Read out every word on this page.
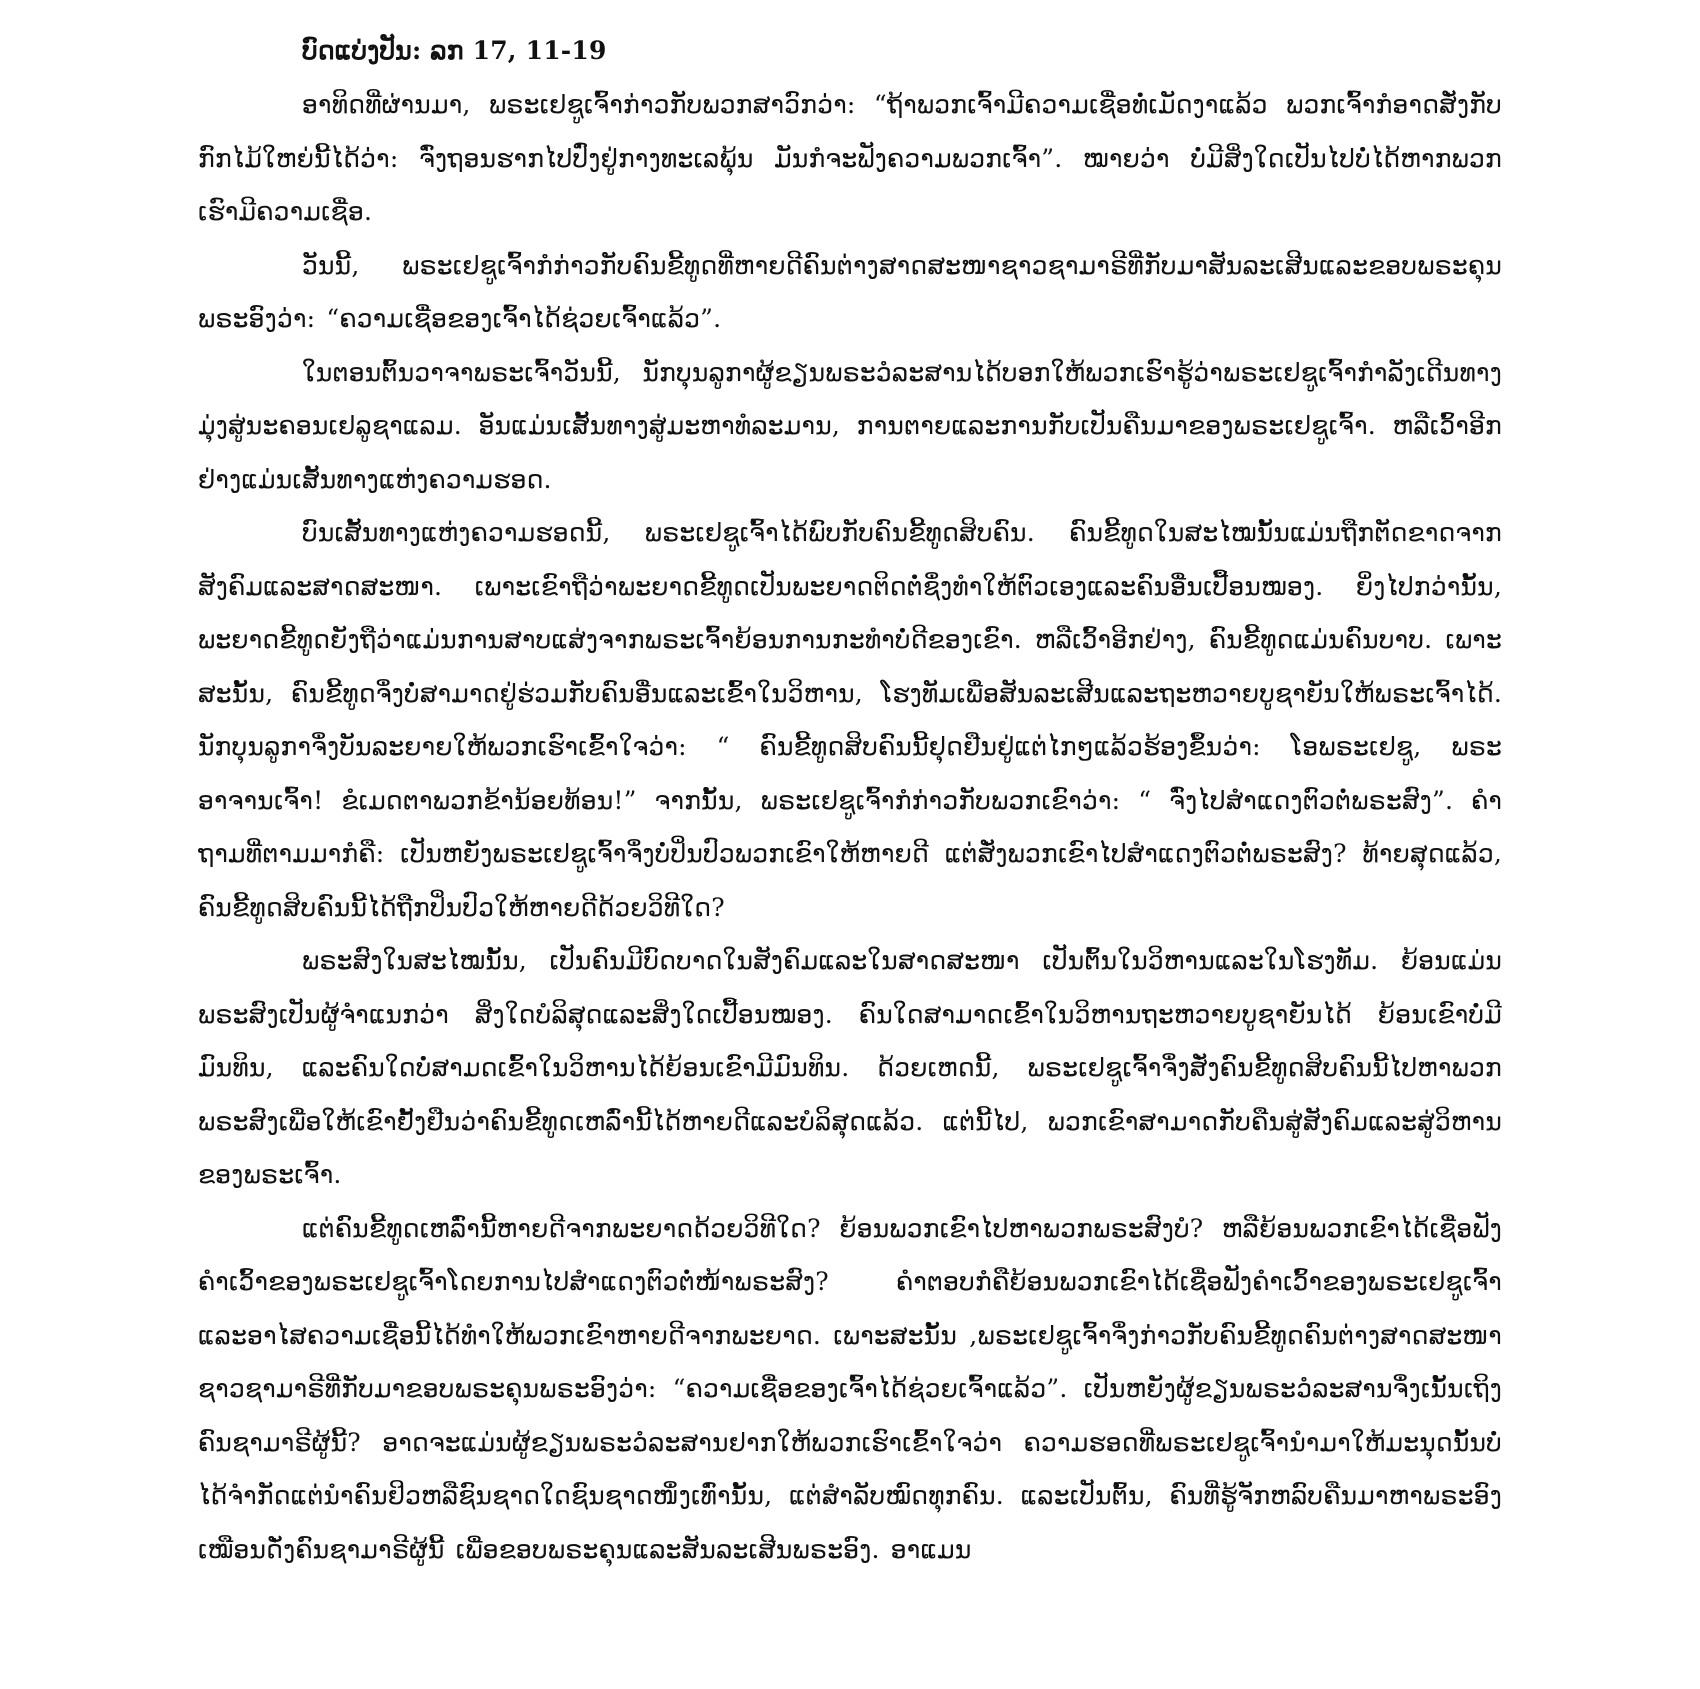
ບົດແບ່ງປັນ: ລກ 17, 11-19

ອາທິດທີ່ຜ່ານມາ, ພຣະເຢຊູເຈົ້າກ່າວກັບພວກສາວົກວ່າ: “ຖ້າພວກເຈົ້າມີຄວາມເຊື່ອທໍ່ເມັດງາແລ້ວ ພວກເຈົ້າກໍອາດສັ່ງກັບກົກໄມ້ໃຫຍ່ນີ້ໄດ້ວ່າ: ຈົ່ງຖອນຮາກໄປປົ່ງຢູ່ກາງທະເລພຸ້ນ ມັນກໍຈະຟັງຄວາມພວກເຈົ້າ”. ໝາຍວ່າ ບໍ່ມີສິ່ງໃດເປັນໄປບໍ່ໄດ້ຫາກພວກເຮົາມີຄວາມເຊື່ອ.

ວັນນີ້, ພຣະເຢຊູເຈົ້າກໍກ່າວກັບຄົນຂີ້ທູດທີ່ຫາຍດີຄົນຕ່າງສາດສະໜາຊາວຊາມາຣີທີ່ກັບມາສັນລະເສີນແລະຂອບພຣະຄຸນພຣະອົງວ່າ: “ຄວາມເຊື່ອຂອງເຈົ້າໄດ້ຊ່ວຍເຈົ້າແລ້ວ”.

ໃນຕອນຕົ້ນວາຈາພຣະເຈົ້າວັນນີ້, ນັກບຸນລູກາຜູ້ຂຽນພຣະວໍລະສານໄດ້ບອກໃຫ້ພວກເຮົາຮູ້ວ່າພຣະເຢຊູເຈົ້າກຳລັງເດີນທາງມຸ່ງສູ່ນະຄອນເຢລູຊາແລມ. ອັນແມ່ນເສັ້ນທາງສູ່ມະຫາທໍລະມານ, ການຕາຍແລະການກັບເປັນຄືນມາຂອງພຣະເຢຊູເຈົ້າ. ຫລືເວົ້າອີກຢ່າງແມ່ນເສັ້ນທາງແຫ່ງຄວາມຮອດ.

ບົນເສັ້ນທາງແຫ່ງຄວາມຮອດນີ້, ພຣະເຢຊູເຈົ້າໄດ້ພົບກັບຄົນຂີ້ທູດສິບຄົນ. ຄົນຂີ້ທູດໃນສະໄໝນັ້ນແມ່ນຖືກຕັດຂາດຈາກສັງຄົມແລະສາດສະໜາ. ເພາະເຂົາຖືວ່າພະຍາດຂີ້ທູດເປັນພະຍາດຕິດຕໍ່ຊຶ່ງທຳໃຫ້ຕົວເອງແລະຄົນອື່ນເປື້ອນໝອງ. ຍິ່ງໄປກວ່ານັ້ນ, ພະຍາດຂີ້ທູດຍັງຖືວ່າແມ່ນການສາບແສ່ງຈາກພຣະເຈົ້າຍ້ອນການກະທຳບໍ່ດີຂອງເຂົາ. ຫລືເວົ້າອີກຢ່າງ, ຄົນຂີ້ທູດແມ່ນຄົນບາບ. ເພາະສະນັ້ນ, ຄົນຂີ້ທູດຈຶ່ງບໍ່ສາມາດຢູ່ຮ່ວມກັບຄົນອື່ນແລະເຂົ້າໃນວິຫານ, ໂຮງທັມເພື່ອສັນລະເສີນແລະຖະຫວາຍບູຊາຍັນໃຫ້ພຣະເຈົ້າໄດ້. ນັກບຸນລູກາຈຶ່ງບັນລະຍາຍໃຫ້ພວກເຮົາເຂົ້າໃຈວ່າ: “ ຄົນຂີ້ທູດສິບຄົນນີ້ຢຸດຢືນຢູ່ແຕ່ໄກໆແລ້ວຮ້ອງຂຶ້ນວ່າ: ໂອພຣະເຢຊູ, ພຣະອາຈານເຈົ້າ! ຂໍເມດຕາພວກຂ້ານ້ອຍທ້ອນ!” ຈາກນັ້ນ, ພຣະເຢຊູເຈົ້າກໍກ່າວກັບພວກເຂົາວ່າ: “ ຈົ່ງໄປສຳແດງຕົວຕໍ່ພຣະສົງ”. ຄຳຖາມທີ່ຕາມມາກໍຄື: ເປັນຫຍັງພຣະເຢຊູເຈົ້າຈຶ່ງບໍ່ປິ່ນປົວພວກເຂົາໃຫ້ຫາຍດີ ແຕ່ສັ່ງພວກເຂົາໄປສຳແດງຕົວຕໍ່ພຣະສົງ? ທ້າຍສຸດແລ້ວ, ຄົນຂີ້ທູດສິບຄົນນີ້ໄດ້ຖືກປິ່ນປົວໃຫ້ຫາຍດີດ້ວຍວິທີໃດ?

ພຣະສົງໃນສະໄໝນັ້ນ, ເປັນຄົນມີບົດບາດໃນສັງຄົມແລະໃນສາດສະໜາ ເປັນຕົ້ນໃນວິຫານແລະໃນໂຮງທັມ. ຍ້ອນແມ່ນພຣະສົງເປັນຜູ້ຈຳແນກວ່າ ສິ່ງໃດບໍລິສຸດແລະສິ່ງໃດເປື້ອນໝອງ. ຄົນໃດສາມາດເຂົ້າໃນວິຫານຖະຫວາຍບູຊາຍັນໄດ້ ຍ້ອນເຂົາບໍ່ມີມົນທິນ, ແລະຄົນໃດບໍ່ສາມດເຂົ້າໃນວິຫານໄດ້ຍ້ອນເຂົາມີມົນທິນ. ດ້ວຍເຫດນີ້, ພຣະເຢຊູເຈົ້າຈຶ່ງສັ່ງຄົນຂີ້ທູດສິບຄົນນີ້ໄປຫາພວກພຣະສົງເພື່ອໃຫ້ເຂົາຢັ້ງຢືນວ່າຄົນຂີ້ທູດເຫລົ່ານີ້ໄດ້ຫາຍດີແລະບໍລິສຸດແລ້ວ. ແຕ່ນີ້ໄປ, ພວກເຂົາສາມາດກັບຄືນສູ່ສັງຄົມແລະສູ່ວິຫານຂອງພຣະເຈົ້າ.

ແຕ່ຄົນຂີ້ທູດເຫລົ່ານີ້ຫາຍດີຈາກພະຍາດດ້ວຍວິທີໃດ? ຍ້ອນພວກເຂົາໄປຫາພວກພຣະສົງບໍ? ຫລືຍ້ອນພວກເຂົາໄດ້ເຊື່ອຟັງຄຳເວົ້າຂອງພຣະເຢຊູເຈົ້າໂດຍການໄປສຳແດງຕົວຕໍ່ໜ້າພຣະສົງ? ຄຳຕອບກໍຄືຍ້ອນພວກເຂົາໄດ້ເຊື່ອຟັງຄຳເວົ້າຂອງພຣະເຢຊູເຈົ້າ ແລະອາໄສຄວາມເຊື່ອນີ້ໄດ້ທຳໃຫ້ພວກເຂົາຫາຍດີຈາກພະຍາດ. ເພາະສະນັ້ນ ,ພຣະເຢຊູເຈົ້າຈຶ່ງກ່າວກັບຄົນຂີ້ທູດຄົນຕ່າງສາດສະໜາຊາວຊາມາຣີທີ່ກັບມາຂອບພຣະຄຸນພຣະອົງວ່າ: “ຄວາມເຊື່ອຂອງເຈົ້າໄດ້ຊ່ວຍເຈົ້າແລ້ວ”. ເປັນຫຍັງຜູ້ຂຽນພຣະວໍລະສານຈຶ່ງເນັ້ນເຖິງຄົນຊາມາຣີຜູ້ນີ້? ອາດຈະແມ່ນຜູ້ຂຽນພຣະວໍລະສານຢາກໃຫ້ພວກເຮົາເຂົ້າໃຈວ່າ ຄວາມຮອດທີ່ພຣະເຢຊູເຈົ້ານຳມາໃຫ້ມະນຸດນັ້ນບໍ່ໄດ້ຈຳກັດແຕ່ນຳຄົນຢິວຫລືຊົນຊາດໃດຊົນຊາດໜຶ່ງເທົ່ານັ້ນ, ແຕ່ສຳລັບໝົດທຸກຄົນ. ແລະເປັນຕົ້ນ, ຄົນທີ່ຮູ້ຈັກຫລົບຄືນມາຫາພຣະອົງເໝືອນດັ່ງຄົນຊາມາຣີຜູ້ນີ້ ເພື່ອຂອບພຣະຄຸນແລະສັນລະເສີນພຣະອົງ. ອາແມນ
